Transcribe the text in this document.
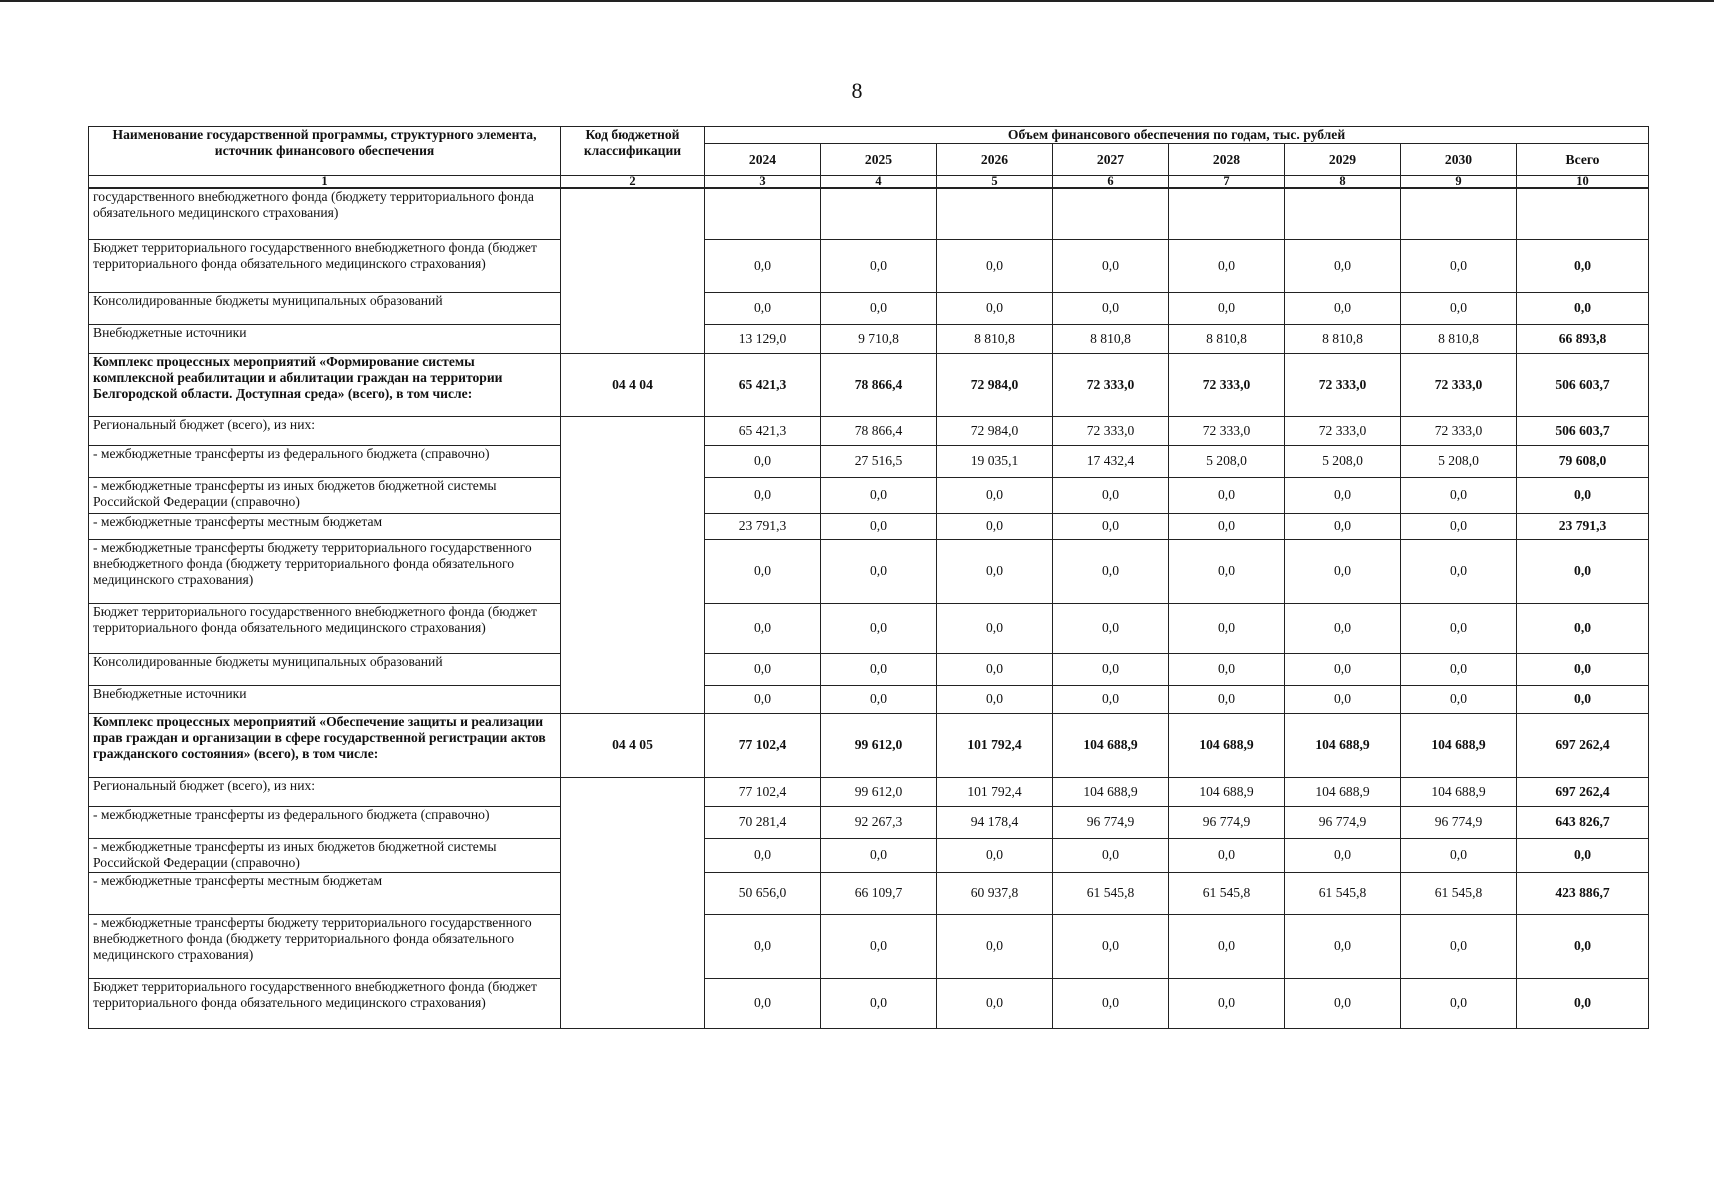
8
Наименование государственной программы, структурного элемента, источник финансового обеспечения	Код бюджетной классификации	Объем финансового обеспечения по годам, тыс. рублей							
		2024	2025	2026	2027	2028	2029	2030	Всего
1	2	3	4	5	6	7	8	9	10
государственного внебюджетного фонда (бюджету территориального фонда обязательного медицинского страхования)									
Бюджет территориального государственного внебюджетного фонда (бюджет территориального фонда обязательного медицинского страхования)		0,0	0,0	0,0	0,0	0,0	0,0	0,0	0,0
Консолидированные бюджеты муниципальных образований		0,0	0,0	0,0	0,0	0,0	0,0	0,0	0,0
Внебюджетные источники		13 129,0	9 710,8	8 810,8	8 810,8	8 810,8	8 810,8	8 810,8	66 893,8
Комплекс процессных мероприятий «Формирование системы комплексной реабилитации и абилитации граждан на территории Белгородской области. Доступная среда» (всего), в том числе:	04 4 04	65 421,3	78 866,4	72 984,0	72 333,0	72 333,0	72 333,0	72 333,0	506 603,7
Региональный бюджет (всего), из них:		65 421,3	78 866,4	72 984,0	72 333,0	72 333,0	72 333,0	72 333,0	506 603,7
- межбюджетные трансферты из федерального бюджета (справочно)		0,0	27 516,5	19 035,1	17 432,4	5 208,0	5 208,0	5 208,0	79 608,0
- межбюджетные трансферты из иных бюджетов бюджетной системы Российской Федерации (справочно)		0,0	0,0	0,0	0,0	0,0	0,0	0,0	0,0
- межбюджетные трансферты местным бюджетам		23 791,3	0,0	0,0	0,0	0,0	0,0	0,0	23 791,3
- межбюджетные трансферты бюджету территориального государственного внебюджетного фонда (бюджету территориального фонда обязательного медицинского страхования)		0,0	0,0	0,0	0,0	0,0	0,0	0,0	0,0
Бюджет территориального государственного внебюджетного фонда (бюджет территориального фонда обязательного медицинского страхования)		0,0	0,0	0,0	0,0	0,0	0,0	0,0	0,0
Консолидированные бюджеты муниципальных образований		0,0	0,0	0,0	0,0	0,0	0,0	0,0	0,0
Внебюджетные источники		0,0	0,0	0,0	0,0	0,0	0,0	0,0	0,0
Комплекс процессных мероприятий «Обеспечение защиты и реализации прав граждан и организации в сфере государственной регистрации актов гражданского состояния» (всего), в том числе:	04 4 05	77 102,4	99 612,0	101 792,4	104 688,9	104 688,9	104 688,9	104 688,9	697 262,4
Региональный бюджет (всего), из них:		77 102,4	99 612,0	101 792,4	104 688,9	104 688,9	104 688,9	104 688,9	697 262,4
- межбюджетные трансферты из федерального бюджета (справочно)		70 281,4	92 267,3	94 178,4	96 774,9	96 774,9	96 774,9	96 774,9	643 826,7
- межбюджетные трансферты из иных бюджетов бюджетной системы Российской Федерации (справочно)		0,0	0,0	0,0	0,0	0,0	0,0	0,0	0,0
- межбюджетные трансферты местным бюджетам		50 656,0	66 109,7	60 937,8	61 545,8	61 545,8	61 545,8	61 545,8	423 886,7
- межбюджетные трансферты бюджету территориального государственного внебюджетного фонда (бюджету территориального фонда обязательного медицинского страхования)		0,0	0,0	0,0	0,0	0,0	0,0	0,0	0,0
Бюджет территориального государственного внебюджетного фонда (бюджет территориального фонда обязательного медицинского страхования)		0,0	0,0	0,0	0,0	0,0	0,0	0,0	0,0
